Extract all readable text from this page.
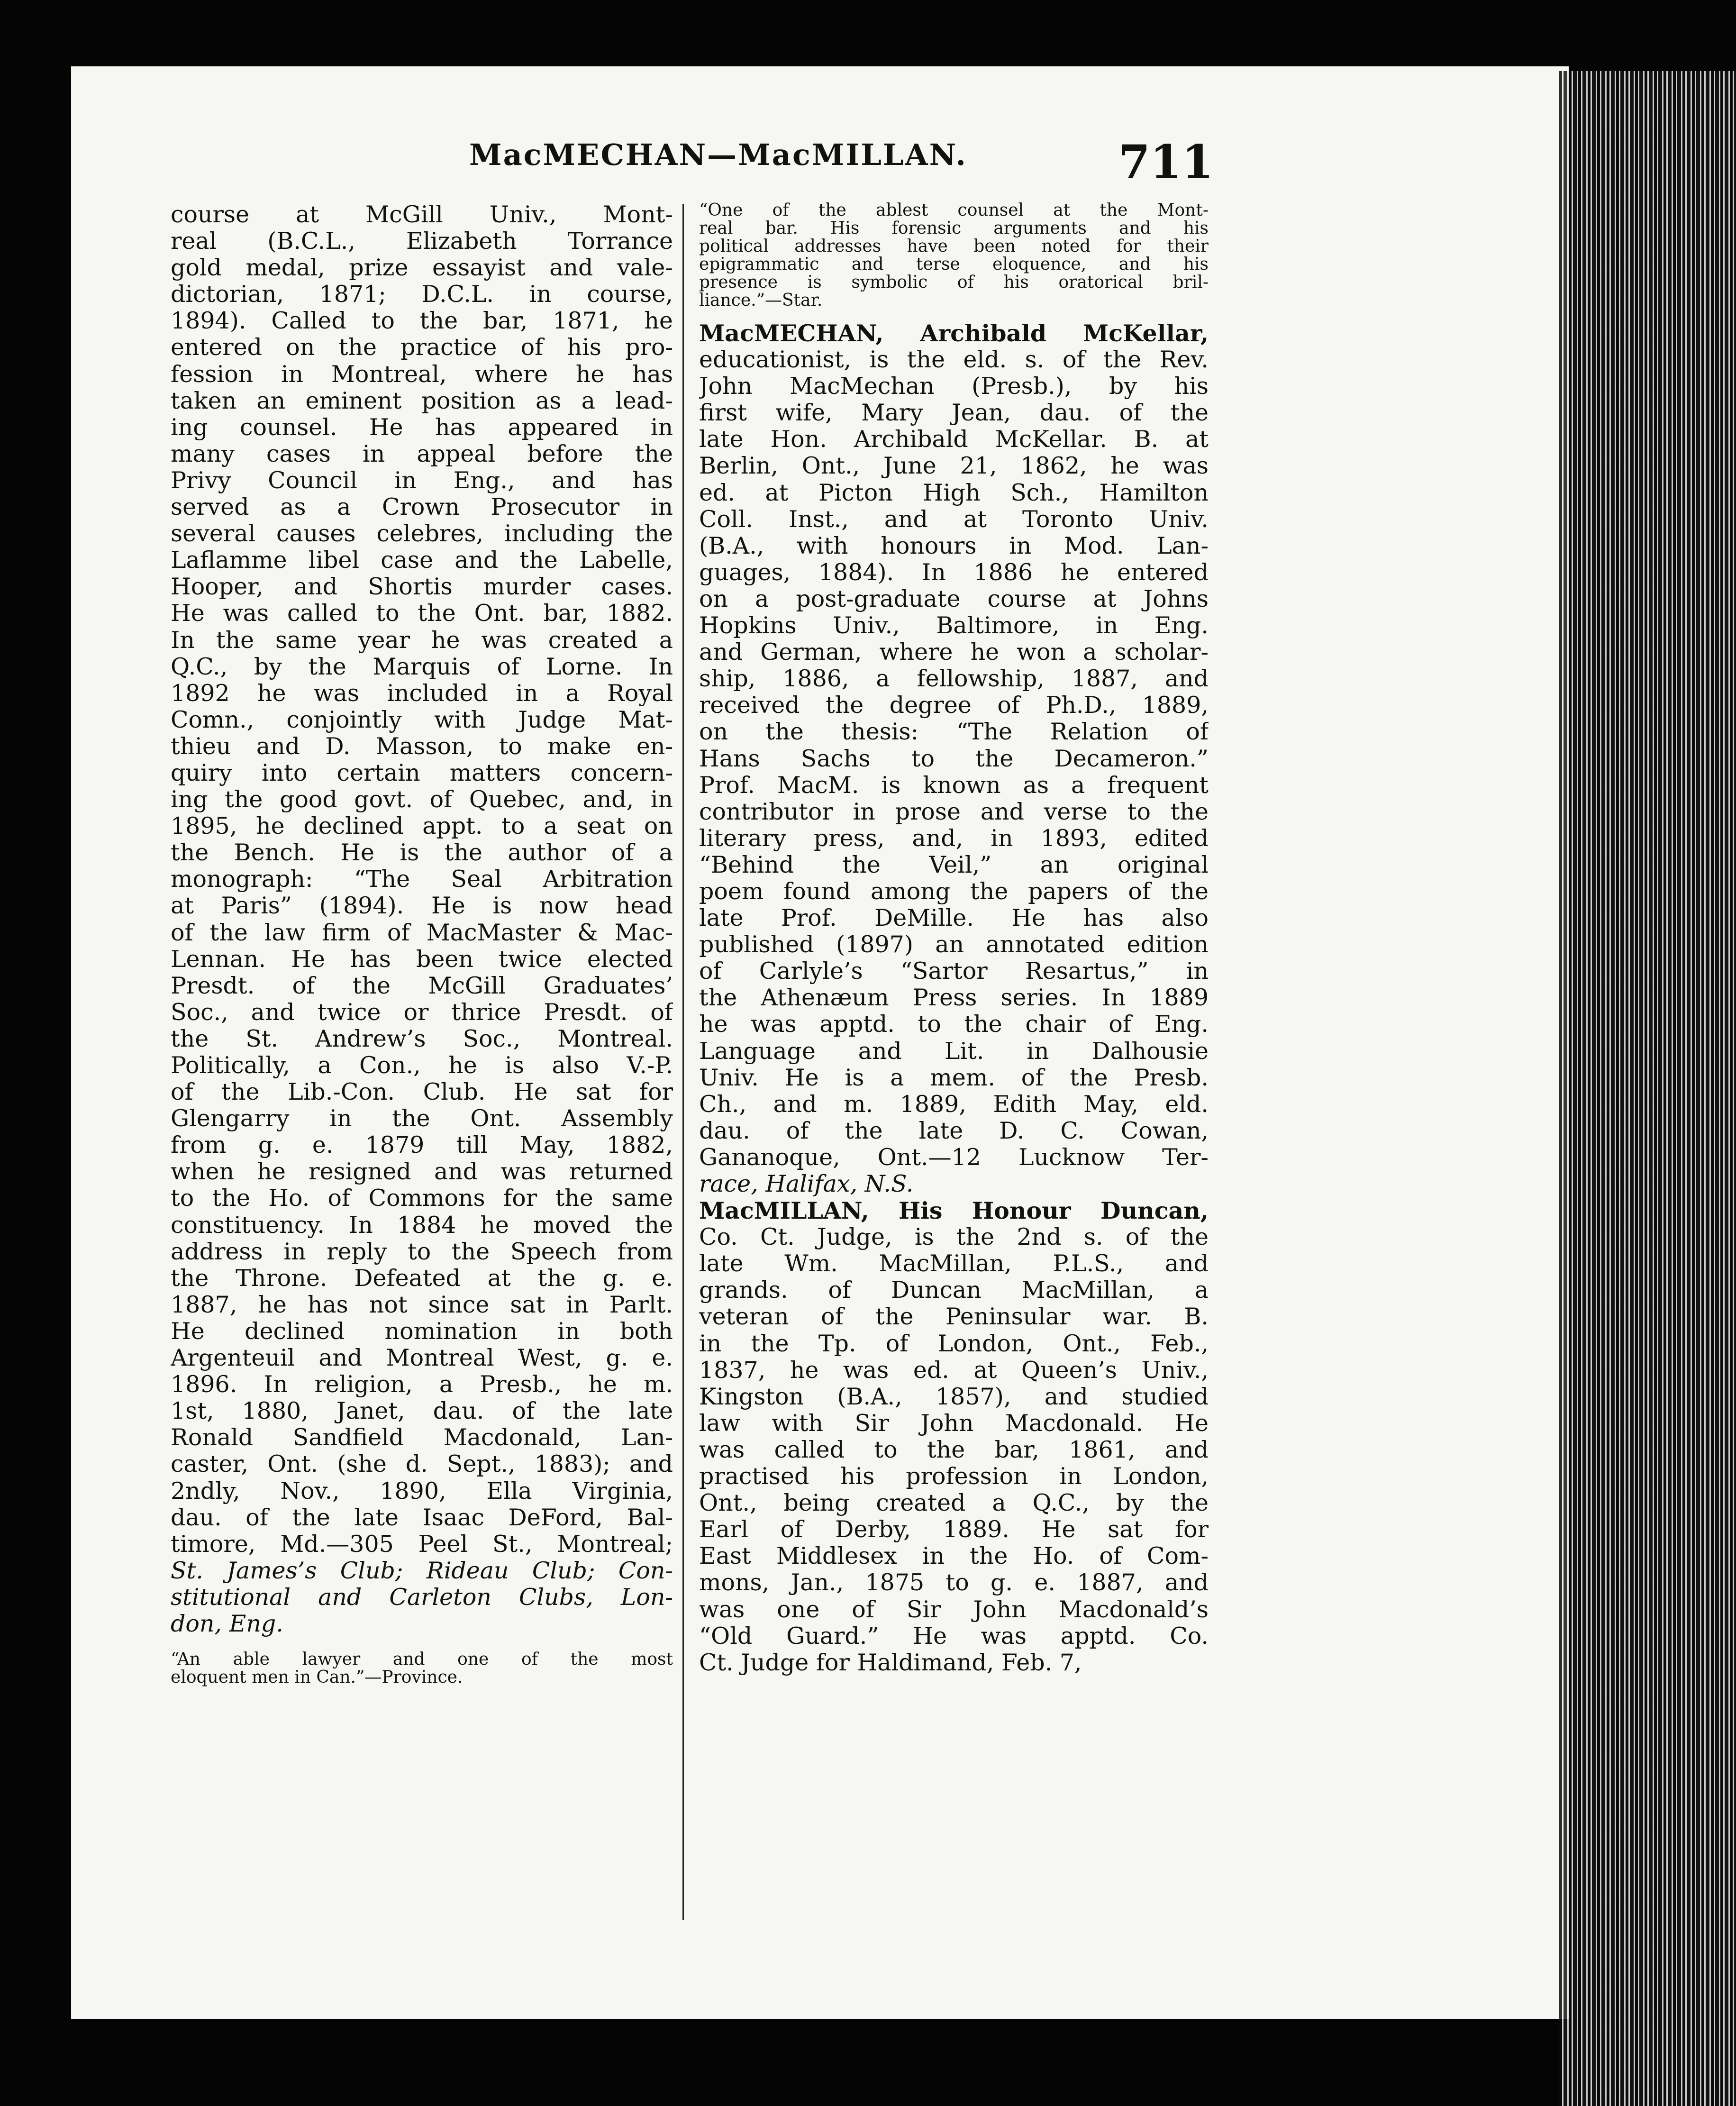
MacMECHAN—MacMILLAN.	711
course at McGill Univ., Mont-
real (B.C.L., Elizabeth Torrance
gold medal, prize essayist and vale-
dictorian, 1871; D.C.L. in course,
1894). Called to the bar, 1871, he
entered on the practice of his pro-
fession in Montreal, where he has
taken an eminent position as a lead-
ing counsel. He has appeared in
many cases in appeal before the
Privy Council in Eng., and has
served as a Crown Prosecutor in
several causes celebres, including the
Laflamme libel case and the Labelle,
Hooper, and Shortis murder cases.
He was called to the Ont. bar, 1882.
In the same year he was created a
Q.C., by the Marquis of Lorne. In
1892 he was included in a Royal
Comn., conjointly with Judge Mat-
thieu and D. Masson, to make en-
quiry into certain matters concern-
ing the good govt. of Quebec, and, in
1895, he declined appt. to a seat on
the Bench. He is the author of a
monograph: “The Seal Arbitration
at Paris” (1894). He is now head
of the law firm of MacMaster & Mac-
Lennan. He has been twice elected
Presdt. of the McGill Graduates’
Soc., and twice or thrice Presdt. of
the St. Andrew’s Soc., Montreal.
Politically, a Con., he is also V.-P.
of the Lib.-Con. Club. He sat for
Glengarry in the Ont. Assembly
from g. e. 1879 till May, 1882,
when he resigned and was returned
to the Ho. of Commons for the same
constituency. In 1884 he moved the
address in reply to the Speech from
the Throne. Defeated at the g. e.
1887, he has not since sat in Parlt.
He declined nomination in both
Argenteuil and Montreal West, g. e.
1896. In religion, a Presb., he m.
1st, 1880, Janet, dau. of the late
Ronald Sandfield Macdonald, Lan-
caster, Ont. (she d. Sept., 1883); and
2ndly, Nov., 1890, Ella Virginia,
dau. of the late Isaac DeFord, Bal-
timore, Md.—305 Peel St., Montreal;
St. James’s Club; Rideau Club; Con-
stitutional and Carleton Clubs, Lon-
don, Eng.
“An able lawyer and one of the most
eloquent men in Can.”—Province.
“One of the ablest counsel at the Mont-
real bar. His forensic arguments and his
political addresses have been noted for their
epigrammatic and terse eloquence, and his
presence is symbolic of his oratorical bril-
liance.”—Star.
MacMECHAN, Archibald McKellar,
educationist, is the eld. s. of the Rev.
John MacMechan (Presb.), by his
first wife, Mary Jean, dau. of the
late Hon. Archibald McKellar. B. at
Berlin, Ont., June 21, 1862, he was
ed. at Picton High Sch., Hamilton
Coll. Inst., and at Toronto Univ.
(B.A., with honours in Mod. Lan-
guages, 1884). In 1886 he entered
on a post-graduate course at Johns
Hopkins Univ., Baltimore, in Eng.
and German, where he won a scholar-
ship, 1886, a fellowship, 1887, and
received the degree of Ph.D., 1889,
on the thesis: “The Relation of
Hans Sachs to the Decameron.”
Prof. MacM. is known as a frequent
contributor in prose and verse to the
literary press, and, in 1893, edited
“Behind the Veil,” an original
poem found among the papers of the
late Prof. DeMille. He has also
published (1897) an annotated edition
of Carlyle’s “Sartor Resartus,” in
the Athenæum Press series. In 1889
he was apptd. to the chair of Eng.
Language and Lit. in Dalhousie
Univ. He is a mem. of the Presb.
Ch., and m. 1889, Edith May, eld.
dau. of the late D. C. Cowan,
Gananoque, Ont.—12 Lucknow Ter-
race, Halifax, N.S.
MacMILLAN, His Honour Duncan,
Co. Ct. Judge, is the 2nd s. of the
late Wm. MacMillan, P.L.S., and
grands. of Duncan MacMillan, a
veteran of the Peninsular war. B.
in the Tp. of London, Ont., Feb.,
1837, he was ed. at Queen’s Univ.,
Kingston (B.A., 1857), and studied
law with Sir John Macdonald. He
was called to the bar, 1861, and
practised his profession in London,
Ont., being created a Q.C., by the
Earl of Derby, 1889. He sat for
East Middlesex in the Ho. of Com-
mons, Jan., 1875 to g. e. 1887, and
was one of Sir John Macdonald’s
“Old Guard.” He was apptd. Co.
Ct. Judge for Haldimand, Feb. 7,
